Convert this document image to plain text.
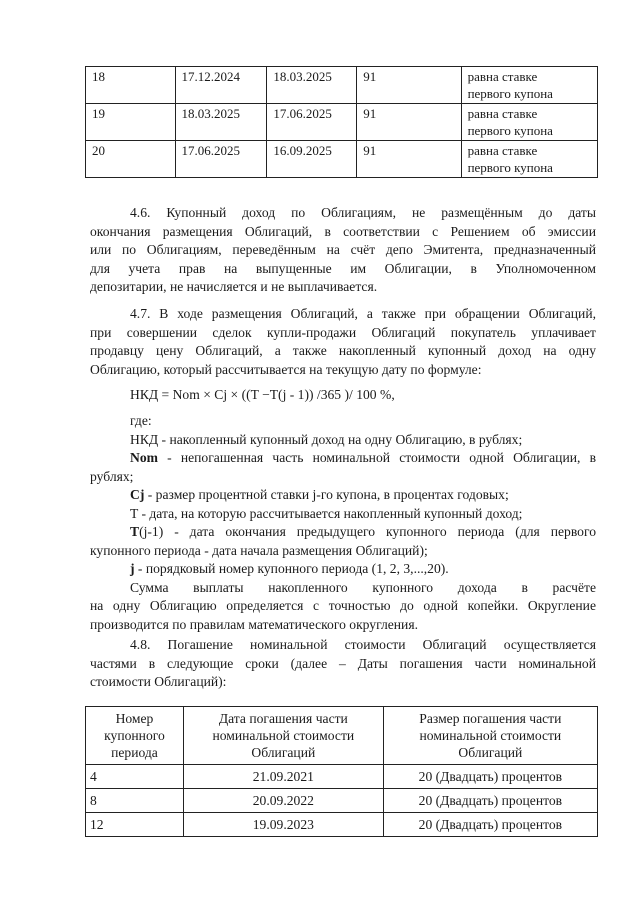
18	17.12.2024	18.03.2025	91	равна ставке
первого купона
19	18.03.2025	17.06.2025	91	равна ставке
первого купона
20	17.06.2025	16.09.2025	91	равна ставке
первого купона
4.6. Купонный доход по Облигациям, не размещённым до даты
окончания размещения Облигаций, в соответствии с Решением об эмиссии
или по Облигациям, переведённым на счёт депо Эмитента, предназначенный
для учета прав на выпущенные им Облигации, в Уполномоченном
депозитарии, не начисляется и не выплачивается.
4.7. В ходе размещения Облигаций, а также при обращении Облигаций,
при совершении сделок купли-продажи Облигаций покупатель уплачивает
продавцу цену Облигаций, а также накопленный купонный доход на одну
Облигацию, который рассчитывается на текущую дату по формуле:
НКД = Nom × Cj × ((T −T(j - 1)) /365 )/ 100 %,
где:
НКД - накопленный купонный доход на одну Облигацию, в рублях;
Nom - непогашенная часть номинальной стоимости одной Облигации, в
рублях;
Cj - размер процентной ставки j-го купона, в процентах годовых;
T - дата, на которую рассчитывается накопленный купонный доход;
T(j-1) - дата окончания предыдущего купонного периода (для первого
купонного периода - дата начала размещения Облигаций);
j - порядковый номер купонного периода (1, 2, 3,...,20).
Сумма выплаты накопленного купонного дохода в расчёте
на одну Облигацию определяется с точностью до одной копейки. Округление
производится по правилам математического округления.
4.8. Погашение номинальной стоимости Облигаций осуществляется
частями в следующие сроки (далее – Даты погашения части номинальной
стоимости Облигаций):
Номер купонного периода	Дата погашения части номинальной стоимости Облигаций	Размер погашения части номинальной стоимости Облигаций
4	21.09.2021	20 (Двадцать) процентов
8	20.09.2022	20 (Двадцать) процентов
12	19.09.2023	20 (Двадцать) процентов
